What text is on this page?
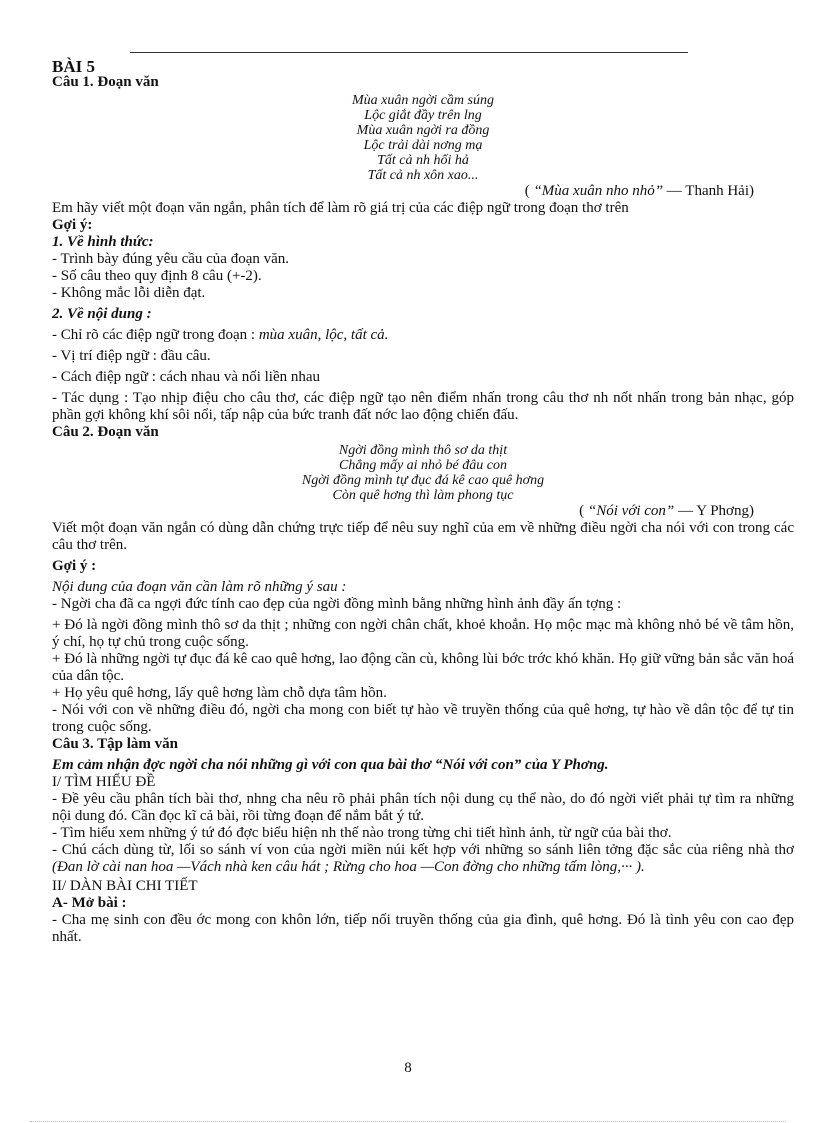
BÀI 5

Câu 1. Đoạn văn

Mùa xuân ngời cầm súng
Lộc giắt đầy trên lng
Mùa xuân ngời ra đồng
Lộc trải dài nơng mạ
Tất cả nh hối hả
Tất cả nh xôn xao...

( “Mùa xuân nho nhỏ” — Thanh Hải)

Em hãy viết một đoạn văn ngắn, phân tích để làm rõ giá trị của các điệp ngữ trong đoạn thơ trên

Gợi ý:

1. Về hình thức:

- Trình bày đúng yêu cầu của đoạn văn.

- Số câu theo quy định 8 câu (+-2).

- Không mắc lỗi diễn đạt.

2. Về nội dung :

- Chỉ rõ các điệp ngữ trong đoạn : mùa xuân, lộc, tất cả.

- Vị trí điệp ngữ : đầu câu.

- Cách điệp ngữ : cách nhau và nối liền nhau

- Tác dụng : Tạo nhịp điệu cho câu thơ, các điệp ngữ tạo nên điểm nhấn trong câu thơ nh nốt nhấn trong bản nhạc, góp phần gợi không khí sôi nổi, tấp nập của bức tranh đất nớc lao động chiến đấu.

Câu 2. Đoạn văn

Ngời đồng mình thô sơ da thịt
Chẳng mấy ai nhỏ bé đâu con
Ngời đồng mình tự đục đá kê cao quê hơng
Còn quê hơng thì làm phong tục

( “Nói với con” — Y Phơng)

Viết một đoạn văn ngắn có dùng dẫn chứng trực tiếp để nêu suy nghĩ của em về những điều ngời cha nói với con trong các câu thơ trên.

Gợi ý :

Nội dung của đoạn văn cần làm rõ những ý sau :

- Ngời cha đã ca ngợi đức tính cao đẹp của ngời đồng mình bằng những hình ảnh đầy ấn tợng :

+ Đó là ngời đồng mình thô sơ da thịt ; những con ngời chân chất, khoẻ khoắn. Họ mộc mạc mà không nhỏ bé về tâm hồn, ý chí, họ tự chủ trong cuộc sống.

+ Đó là những ngời tự đục đá kê cao quê hơng, lao động cần cù, không lùi bớc trớc khó khăn. Họ giữ vững bản sắc văn hoá của dân tộc.

+ Họ yêu quê hơng, lấy quê hơng làm chỗ dựa tâm hồn.

- Nói với con về những điều đó, ngời cha mong con biết tự hào về truyền thống của quê hơng, tự hào về dân tộc để tự tin trong cuộc sống.

Câu 3. Tập làm văn

Em cảm nhận đợc ngời cha nói những gì với con qua bài thơ “Nói với con” của Y Phơng.

I/ TÌM HIỂU ĐỀ

- Đề yêu cầu phân tích bài thơ, nhng cha nêu rõ phải phân tích nội dung cụ thể nào, do đó ngời viết phải tự tìm ra những nội dung đó. Cần đọc kĩ cả bài, rồi từng đoạn để nắm bắt ý tứ.

- Tìm hiểu xem những ý tứ đó đợc biểu hiện nh thế nào trong từng chi tiết hình ảnh, từ ngữ của bài thơ.

- Chú cách dùng từ, lối so sánh ví von của ngời miền núi kết hợp với những so sánh liên tởng đặc sắc của riêng nhà thơ (Đan lờ cài nan hoa —Vách nhà ken câu hát ; Rừng cho hoa —Con đờng cho những tấm lòng,··· ).

II/ DÀN BÀI CHI TIẾT

A- Mở bài :

- Cha mẹ sinh con đều ớc mong con khôn lớn, tiếp nối truyền thống của gia đình, quê hơng. Đó là tình yêu con cao đẹp nhất.

8
